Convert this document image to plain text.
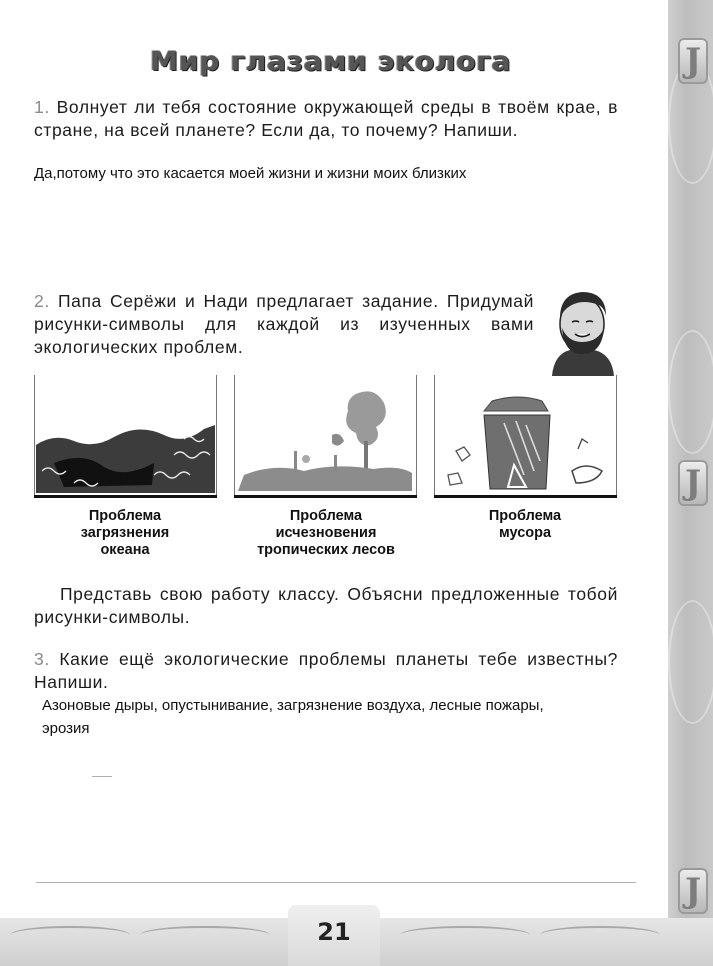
J
J
J
21
Мир глазами эколога
1. Волнует ли тебя состояние окружающей среды в твоём крае, в стране, на всей планете? Если да, то почему? Напиши.
Да,потому что это касается моей жизни и жизни моих близких
2. Папа Серёжи и Нади предлагает задание. Придумай рисунки-символы для каждой из изученных вами экологических проблем.
Проблема
загрязнения
океана
Проблема
исчезновения
тропических лесов
Проблема
мусора
Представь свою работу классу. Объясни предложенные тобой рисунки-символы.
3. Какие ещё экологические проблемы планеты тебе известны? Напиши.
Азоновые дыры, опустынивание, загрязнение воздуха, лесные пожары,
эрозия
